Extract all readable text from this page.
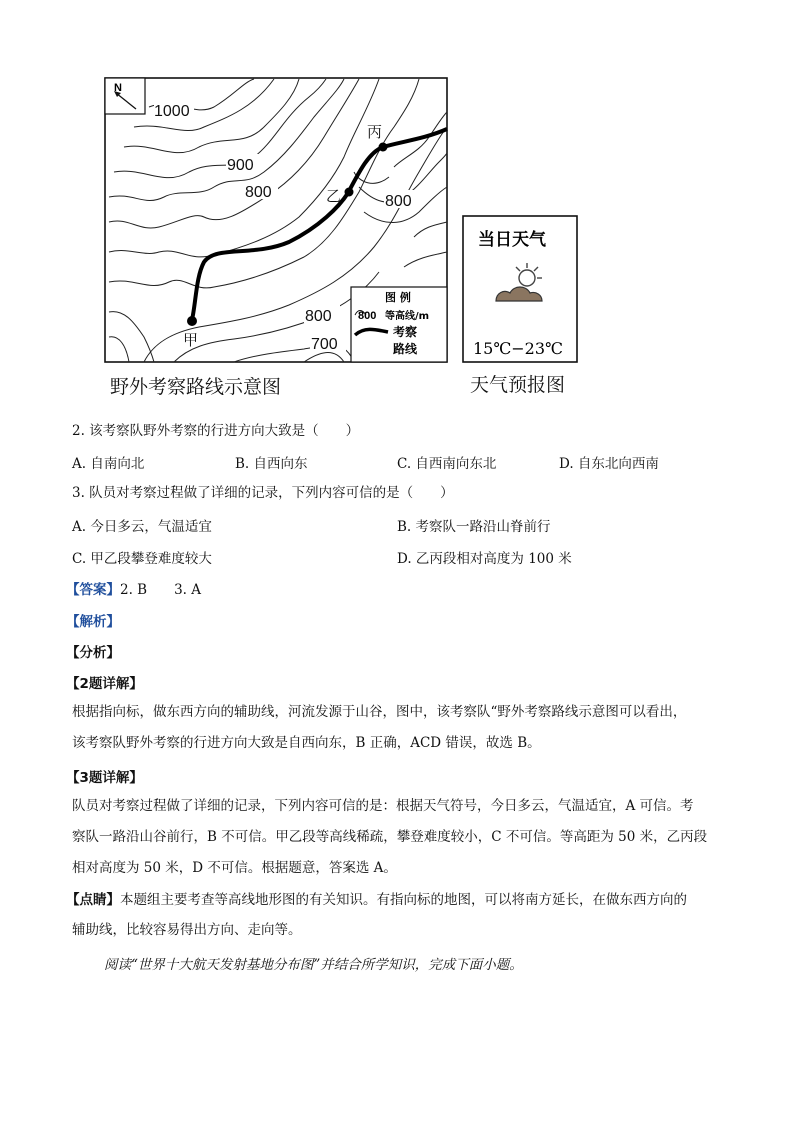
N
1000
900
800
800
800
700
甲
乙
丙
图 例
800 等高线/m
考察
路线
野外考察路线示意图
当日天气
15℃−23℃
天气预报图
2. 该考察队野外考察的行进方向大致是（　　）
A. 自南向北	B. 自西向东	C. 自西南向东北	D. 自东北向西南
3. 队员对考察过程做了详细的记录，下列内容可信的是（　　）
A. 今日多云，气温适宜	B. 考察队一路沿山脊前行
C. 甲乙段攀登难度较大	D. 乙丙段相对高度为 100 米
【答案】2. B　　3. A
【解析】
【分析】
【2题详解】
根据指向标，做东西方向的辅助线，河流发源于山谷，图中，该考察队“野外考察路线示意图可以看出，
该考察队野外考察的行进方向大致是自西向东，B 正确，ACD 错误，故选 B。
【3题详解】
队员对考察过程做了详细的记录，下列内容可信的是：根据天气符号，今日多云，气温适宜，A 可信。考
察队一路沿山谷前行，B 不可信。甲乙段等高线稀疏，攀登难度较小，C 不可信。等高距为 50 米，乙丙段
相对高度为 50 米，D 不可信。根据题意，答案选 A。
【点睛】本题组主要考查等高线地形图的有关知识。有指向标的地图，可以将南方延长，在做东西方向的
辅助线，比较容易得出方向、走向等。
阅读“世界十大航天发射基地分布图”并结合所学知识，完成下面小题。
